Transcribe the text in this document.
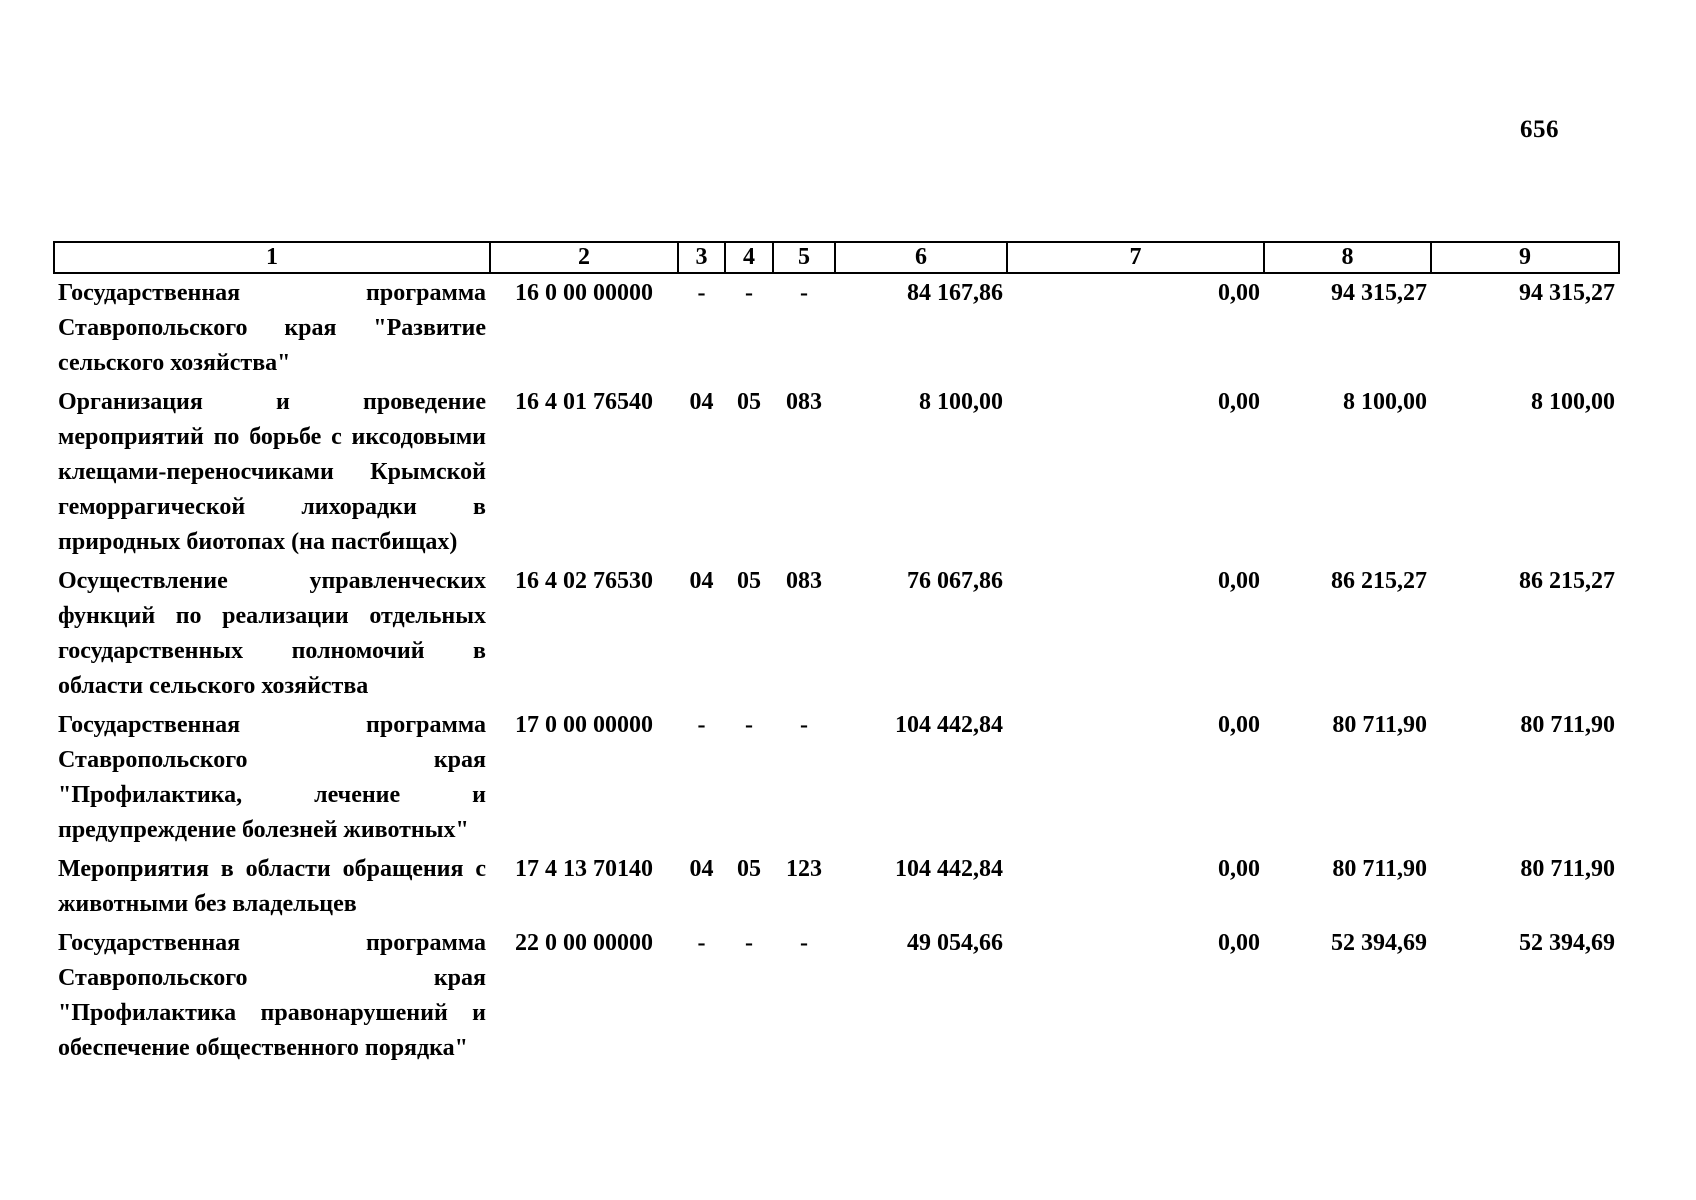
656
1	2	3	4	5	6	7	8	9
Государственная программа Ставропольского края "Развитие сельского хозяйства"	16 0 00 00000	-	-	-	84 167,86	0,00	94 315,27	94 315,27
Организация и проведение мероприятий по борьбе с иксодовыми клещами-переносчиками Крымской геморрагической лихорадки в природных биотопах (на пастбищах)	16 4 01 76540	04	05	083	8 100,00	0,00	8 100,00	8 100,00
Осуществление управленческих функций по реализации отдельных государственных полномочий в области сельского хозяйства	16 4 02 76530	04	05	083	76 067,86	0,00	86 215,27	86 215,27
Государственная программа Ставропольского края "Профилактика, лечение и предупреждение болезней животных"	17 0 00 00000	-	-	-	104 442,84	0,00	80 711,90	80 711,90
Мероприятия в области обращения с животными без владельцев	17 4 13 70140	04	05	123	104 442,84	0,00	80 711,90	80 711,90
Государственная программа Ставропольского края "Профилактика правонарушений и обеспечение общественного порядка"	22 0 00 00000	-	-	-	49 054,66	0,00	52 394,69	52 394,69
